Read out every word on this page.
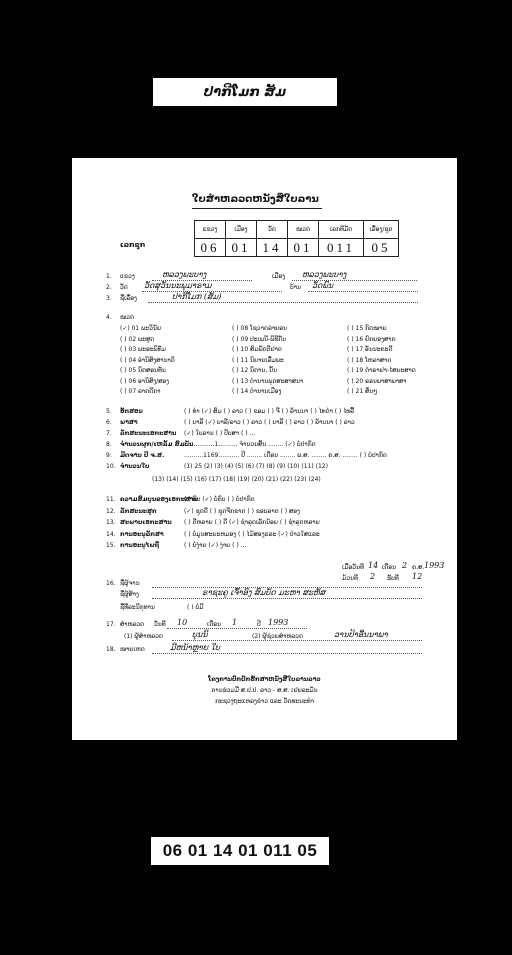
ປາກີໂມກ ສັມ
ໃບສຳຫລວດຫນັງສືໃບລານ
ເລກຊຸກ
ແຂວງ	ເມືອງ	ວັດ	ໝວດ	ເລກທີມັດ	ເລື່ອງ/ຊຸດ
06	01	14	01	011	05
1. ແຂວງ	ຫລວງພະບາງ	ເມືອງ ຫລວງພະບາງ
2. ວັດ ວັດສຸວັນນະພຸມາຣາມ	ບ້ານ ວັດພົນ
3. ຊື່ເລື່ອງ	ປາກີໂມກ (ສັມ)
4. ໝວດ
(✓) 01 ພະວິນັຍ	( ) 08 ໂຊວາດລ່າຍອນ	( ) 15 ກົດໝາຍ
( ) 02 ພະສູດ	( ) 09 ປະເພນີ-ພິທີກັນ	( ) 16 ຍົກຍອງສາກ
( ) 03 ພະອະພິທັມ	( ) 10 ສົມພັດຕີຢາດ	( ) 17 ອັນນະຄະດີ
( ) 04 ອຳນິສົງສານາດິ	( ) 11 ນິຍາຍເລື່ມພະ	( ) 18 ໂຫລາສາດ
( ) 05 ນິດສອນທັນ	( ) 12 ນິດານ, ນິ້ນ	( ) 19 ດຳຣາຢາ-ໄສຍະສາດ
( ) 06 ອານິສົງ/ສອງ	( ) 13 ຕຳນານພຸດສະສາສນາ	( ) 20 ຣອນພາສາພາສາ
( ) 07 ລາດດີກາ	( ) 14 ຕຳນານເມືອງ	( ) 21 ສິ່ນໆ
5. ອັກສອນ	( ) ທຳ (✓) ສົມ ( ) ລາວ ( ) ຂອມ ( ) ຈີ ( ) ລ້ານນາ ( ) ໄທດຳ ( ) ໄທລື້
6. ພາສາ	( ) ບາລີ (✓) ບາລີ/ລາວ ( ) ລາວ ( ) ບາລີ ( ) ລາວ ( ) ລ້ານນາ ( ) ລາວ
7. ລັກສະນະເອກະສານ (✓) ໃບລານ ( ) ປັບສາ ( ) ...
8. ຈຳນວນຜູກ/ເຫລັ້ມ ສົມບັນ
................1.......... ຈຳນວນສິ້ນ ........ (✓) ບໍ່ປາກົດ
9. ມີດຈານ ປີ ຈ.ສ.	..........1169........... ປີ ........ ເດືອນ ........ ພ.ສ. ........ ຄ.ສ. ........ ( ) ບໍ່ປາກົດ
10. ຈຳນວນໃບ	(1) 25 (2) (3) (4) (5) (6) (7) (8) (9) (10) (11) (12)
(13) (14) (15) (16) (17) (18) (19) (20) (21) (22) (23) (24)
11. ຄວາມສົມບູນຂອງເອກະສານ
( ) ຄົບ (✓) ບໍ່ຄົບ ( ) ບໍ່ປາກົດ
12. ລັກສະນະສູກ	(✓) ຊຸດດີ ( ) ຊຸດຈີກຂາດ ( ) ຂອບລາດ ( ) ສອງ
13. ສະພາບເອກະສານ ( ) ດີຫລາຍ ( ) ດີ (✓) ຊໍາລຸດເລັກນ້ອຍ ( ) ຊໍາລຸດຫລາຍ
14. ການອະນຸລັກສາ	( ) ບໍ່ມູນສະຍະຫມອງ ( ) ໄມ້ສອງແລະ (✓) ປ່າວໃສແລະ
15. ການອະນຸໄພຖື	( ) ບໍ່ງ່າຍ (✓) ງ່າຍ ( ) ...
ເມື່ອວັນທີ 14 ເດືອນ 2 ຄ.ສ. 1993
ມ້ວນທີ 2 ຮັບທີ 12
16. ຊື່ຜູ້ຈານ
ຊື່ຜູ້ສ້າງ	ຣາຊະຄູ ເຈົ້າອົງ ສົມບັດ ມະຫາ ສະຫັສ
ຊື່ທີ່ລະນີກຸທານ	( ) ບໍ່ມີ
17. ສຳຫລວດ ວັນທີ 10	ເດືອນ 1	ປີ 1993
(1) ຜູ້ສຳຫລວດ	ບຸນນິ	(2) ຜູ້ຊ່ວຍສຳຫລວດ	ວານປ້າອີ່ນນາພາ
18. ໝາຍເຫດ	ມີຫນ້າຫຼາຍ ໃບ
ໂຄງການປົກປັກຮັກສາຫນັງສືໃບລານລາວ
ການຮ່ວມມື ສ.ປ.ປ. ລາວ - ສ.ສ. ເຢຍລະມັນ
ກະຊວງຖະແຫລງຂ່າວ ແລະ ວັດທະນະທຳ
06 01 14 01 011 05
